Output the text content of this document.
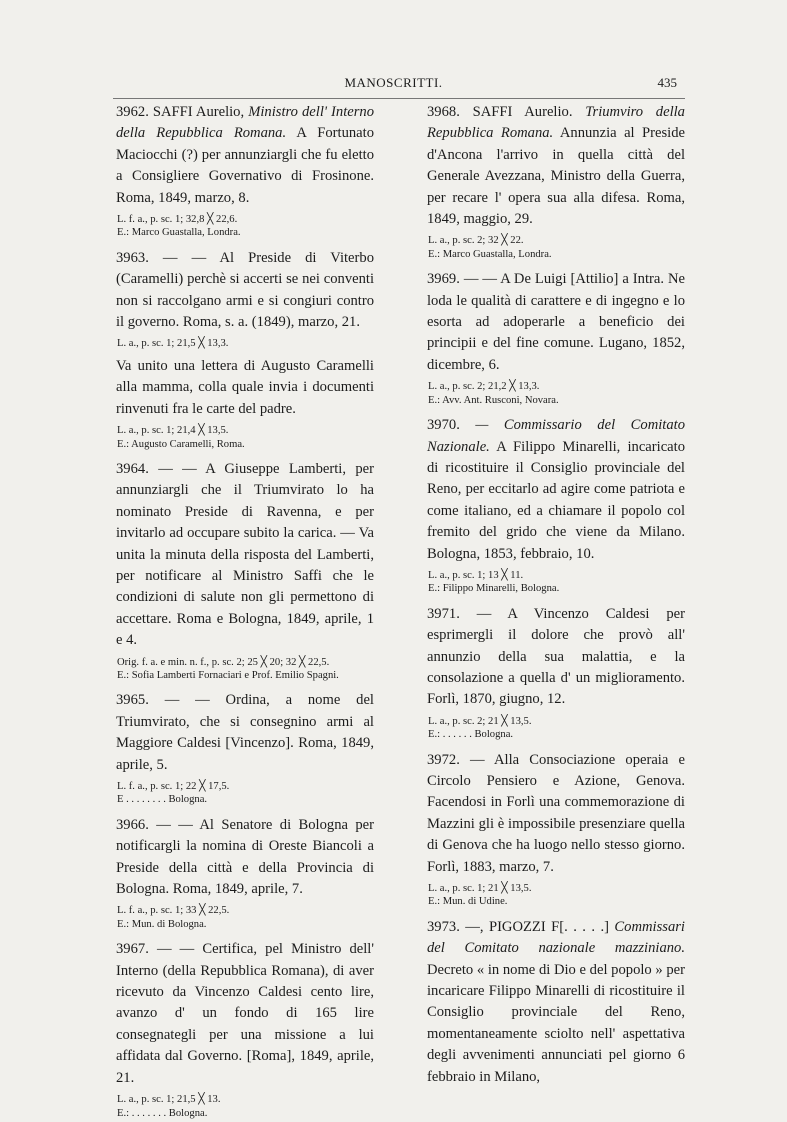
MANOSCRITTI.	435

3962. SAFFI Aurelio, Ministro dell' Interno della Repubblica Romana. A Fortunato Maciocchi (?) per annunziargli che fu eletto a Consigliere Governativo di Frosinone. Roma, 1849, marzo, 8.

L. f. a., p. sc. 1; 32,8 ╳ 22,6.
E.: Marco Guastalla, Londra.

3963. — — Al Preside di Viterbo (Caramelli) perchè si accerti se nei conventi non si raccolgano armi e si congiuri contro il governo. Roma, s. a. (1849), marzo, 21.

L. a., p. sc. 1; 21,5 ╳ 13,3.

Va unito una lettera di Augusto Caramelli alla mamma, colla quale invia i documenti rinvenuti fra le carte del padre.

L. a., p. sc. 1; 21,4 ╳ 13,5.
E.: Augusto Caramelli, Roma.

3964. — — A Giuseppe Lamberti, per annunziargli che il Triumvirato lo ha nominato Preside di Ravenna, e per invitarlo ad occupare subito la carica. — Va unita la minuta della risposta del Lamberti, per notificare al Ministro Saffi che le condizioni di salute non gli permettono di accettare. Roma e Bologna, 1849, aprile, 1 e 4.

Orig. f. a. e min. n. f., p. sc. 2; 25 ╳ 20; 32 ╳ 22,5.
E.: Sofia Lamberti Fornaciari e Prof. Emilio Spagni.

3965. — — Ordina, a nome del Triumvirato, che si consegnino armi al Maggiore Caldesi [Vincenzo]. Roma, 1849, aprile, 5.

L. f. a., p. sc. 1; 22 ╳ 17,5.
E . . . . . . . . Bologna.

3966. — — Al Senatore di Bologna per notificargli la nomina di Oreste Biancoli a Preside della città e della Provincia di Bologna. Roma, 1849, aprile, 7.

L. f. a., p. sc. 1; 33 ╳ 22,5.
E.: Mun. di Bologna.

3967. — — Certifica, pel Ministro dell' Interno (della Repubblica Romana), di aver ricevuto da Vincenzo Caldesi cento lire, avanzo d' un fondo di 165 lire consegnategli per una missione a lui affidata dal Governo. [Roma], 1849, aprile, 21.

L. a., p. sc. 1; 21,5 ╳ 13.
E.: . . . . . . . Bologna.

3968. SAFFI Aurelio. Triumviro della Repubblica Romana. Annunzia al Preside d'Ancona l'arrivo in quella città del Generale Avezzana, Ministro della Guerra, per recare l' opera sua alla difesa. Roma, 1849, maggio, 29.

L. a., p. sc. 2; 32 ╳ 22.
E.: Marco Guastalla, Londra.

3969. — — A De Luigi [Attilio] a Intra. Ne loda le qualità di carattere e di ingegno e lo esorta ad adoperarle a beneficio dei principii e del fine comune. Lugano, 1852, dicembre, 6.

L. a., p. sc. 2; 21,2 ╳ 13,3.
E.: Avv. Ant. Rusconi, Novara.

3970. — Commissario del Comitato Nazionale. A Filippo Minarelli, incaricato di ricostituire il Consiglio provinciale del Reno, per eccitarlo ad agire come patriota e come italiano, ed a chiamare il popolo col fremito del grido che viene da Milano. Bologna, 1853, febbraio, 10.

L. a., p. sc. 1; 13 ╳ 11.
E.: Filippo Minarelli, Bologna.

3971. — A Vincenzo Caldesi per esprimergli il dolore che provò all' annunzio della sua malattia, e la consolazione a quella d' un miglioramento. Forlì, 1870, giugno, 12.

L. a., p. sc. 2; 21 ╳ 13,5.
E.: . . . . . . Bologna.

3972. — Alla Consociazione operaia e Circolo Pensiero e Azione, Genova. Facendosi in Forlì una commemorazione di Mazzini gli è impossibile presenziare quella di Genova che ha luogo nello stesso giorno. Forlì, 1883, marzo, 7.

L. a., p. sc. 1; 21 ╳ 13,5.
E.: Mun. di Udine.

3973. —, PIGOZZI F[. . . . .] Commissari del Comitato nazionale mazziniano. Decreto « in nome di Dio e del popolo » per incaricare Filippo Minarelli di ricostituire il Consiglio provinciale del Reno, momentaneamente sciolto nell' aspettativa degli avvenimenti annunciati pel giorno 6 febbraio in Milano,
